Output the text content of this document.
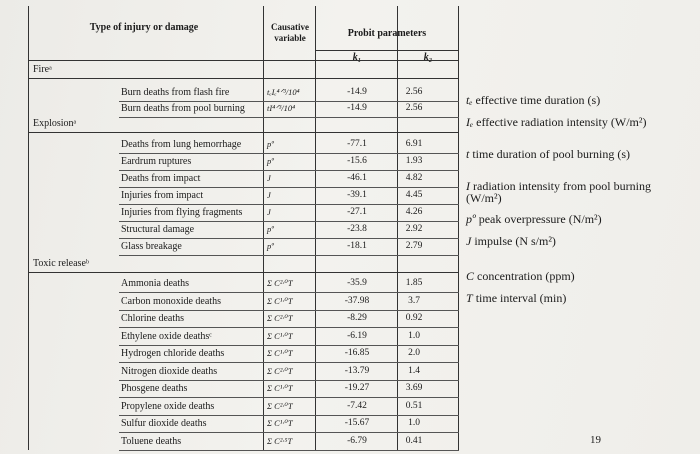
Type of injury or damage	Causative variable	Probit parameters
k₁	k₂
Fireᵃ
Burn deaths from flash fire	tₑIₑ⁴ᐟ³/10⁴	-14.9	2.56
Burn deaths from pool burning	tI⁴ᐟ³/10⁴	-14.9	2.56
Explosionᵃ
Deaths from lung hemorrhage	pº	-77.1	6.91
Eardrum ruptures	pº	-15.6	1.93
Deaths from impact	J	-46.1	4.82
Injuries from impact	J	-39.1	4.45
Injuries from flying fragments	J	-27.1	4.26
Structural damage	pº	-23.8	2.92
Glass breakage	pº	-18.1	2.79
Toxic releaseᵇ
Ammonia deaths	Σ C²·⁰T	-35.9	1.85
Carbon monoxide deaths	Σ C¹·⁰T	-37.98	3.7
Chlorine deaths	Σ C²·⁰T	-8.29	0.92
Ethylene oxide deathsᶜ	Σ C¹·⁰T	-6.19	1.0
Hydrogen chloride deaths	Σ C¹·⁰T	-16.85	2.0
Nitrogen dioxide deaths	Σ C²·⁰T	-13.79	1.4
Phosgene deaths	Σ C¹·⁰T	-19.27	3.69
Propylene oxide deaths	Σ C²·⁰T	-7.42	0.51
Sulfur dioxide deaths	Σ C¹·⁰T	-15.67	1.0
Toluene deaths	Σ C²·⁵T	-6.79	0.41
tₑ effective time duration (s)
Iₑ effective radiation intensity (W/m²)
t time duration of pool burning (s)
I radiation intensity from pool burning (W/m²)
pº peak overpressure (N/m²)
J impulse (N s/m²)
C concentration (ppm)
T time interval (min)
19
